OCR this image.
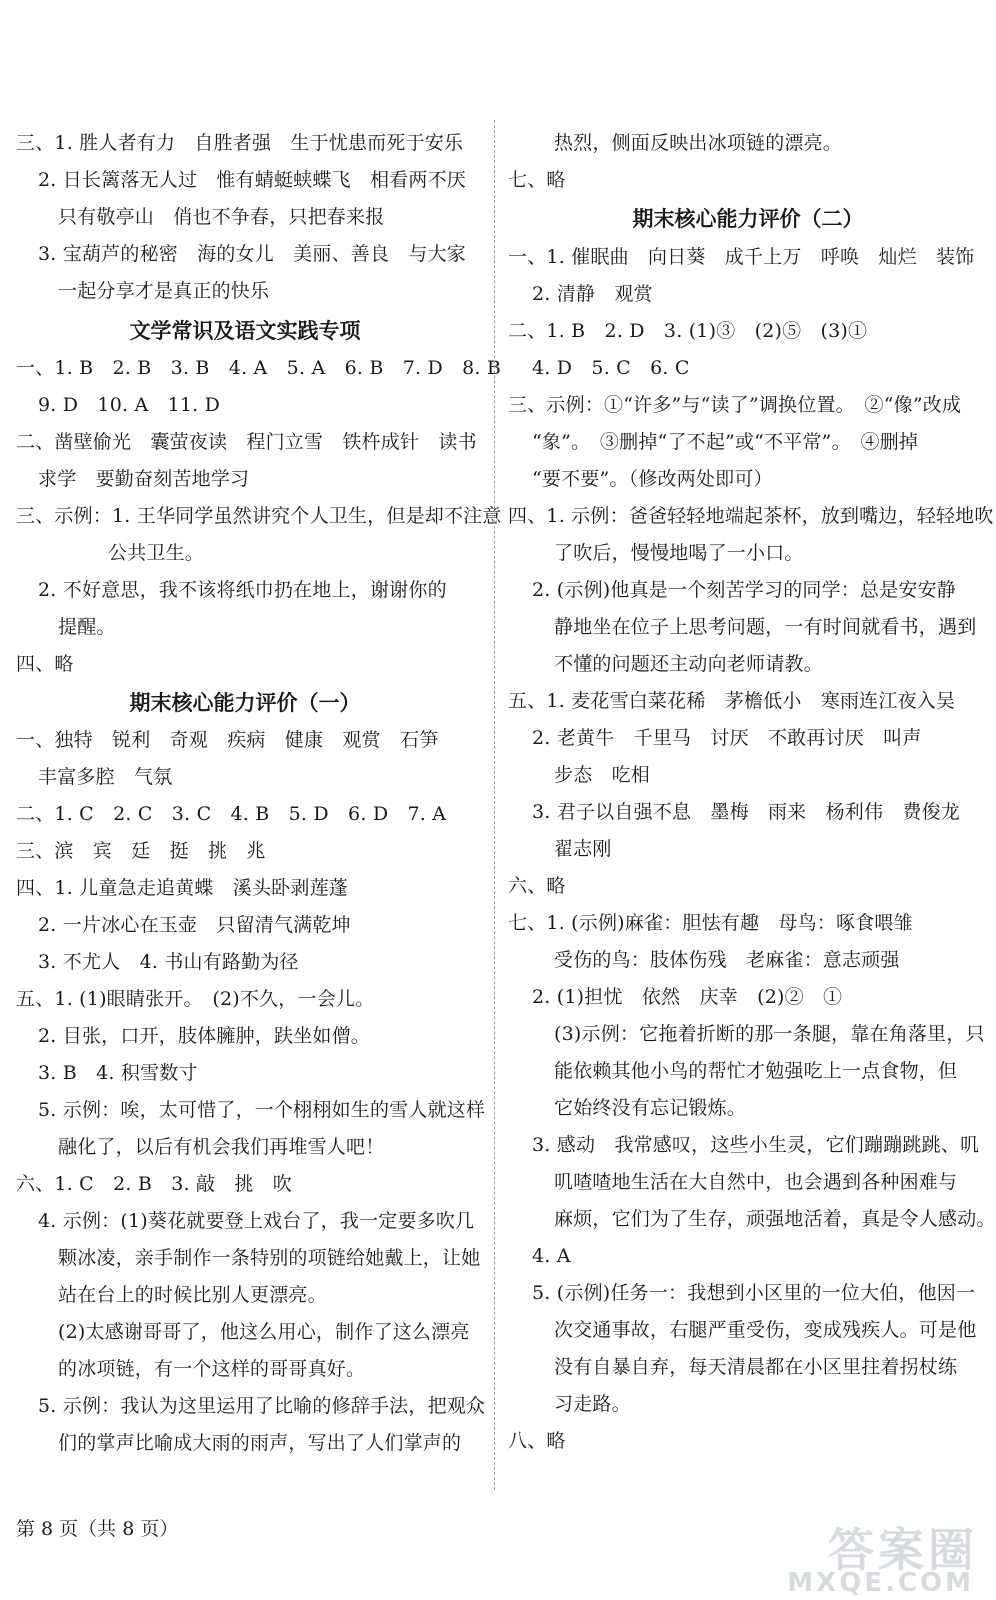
三、1. 胜人者有力　自胜者强　生于忧患而死于安乐
2. 日长篱落无人过　惟有蜻蜓蛱蝶飞　相看两不厌
只有敬亭山　俏也不争春，只把春来报
3. 宝葫芦的秘密　海的女儿　美丽、善良　与大家
一起分享才是真正的快乐
文学常识及语文实践专项
一、1. B　2. B　3. B　4. A　5. A　6. B　7. D　8. B
9. D　10. A　11. D
二、凿壁偷光　囊萤夜读　程门立雪　铁杵成针　读书
求学　要勤奋刻苦地学习
三、示例：1. 王华同学虽然讲究个人卫生，但是却不注意
公共卫生。
2. 不好意思，我不该将纸巾扔在地上，谢谢你的
提醒。
四、略
期末核心能力评价（一）
一、独特　锐利　奇观　疾病　健康　观赏　石笋
丰富多腔　气氛
二、1. C　2. C　3. C　4. B　5. D　6. D　7. A
三、滨　宾　廷　挺　挑　兆
四、1. 儿童急走追黄蝶　溪头卧剥莲蓬
2. 一片冰心在玉壶　只留清气满乾坤
3. 不尤人　4. 书山有路勤为径
五、1. (1)眼睛张开。　(2)不久，一会儿。
2. 目张，口开，肢体臃肿，趺坐如僧。
3. B　4. 积雪数寸
5. 示例：唉，太可惜了，一个栩栩如生的雪人就这样
融化了，以后有机会我们再堆雪人吧！
六、1. C　2. B　3. 敲　挑　吹
4. 示例：(1)葵花就要登上戏台了，我一定要多吹几
颗冰凌，亲手制作一条特别的项链给她戴上，让她
站在台上的时候比别人更漂亮。
(2)太感谢哥哥了，他这么用心，制作了这么漂亮
的冰项链，有一个这样的哥哥真好。
5. 示例：我认为这里运用了比喻的修辞手法，把观众
们的掌声比喻成大雨的雨声，写出了人们掌声的
热烈，侧面反映出冰项链的漂亮。
七、略
期末核心能力评价（二）
一、1. 催眠曲　向日葵　成千上万　呼唤　灿烂　装饰
2. 清静　观赏
二、1. B　2. D　3. (1)③　(2)⑤　(3)①
4. D　5. C　6. C
三、示例：①“许多”与“读了”调换位置。　②“像”改成
“象”。　③删掉“了不起”或“不平常”。　④删掉
“要不要”。（修改两处即可）
四、1. 示例：爸爸轻轻地端起茶杯，放到嘴边，轻轻地吹
了吹后，慢慢地喝了一小口。
2. (示例)他真是一个刻苦学习的同学：总是安安静
静地坐在位子上思考问题，一有时间就看书，遇到
不懂的问题还主动向老师请教。
五、1. 麦花雪白菜花稀　茅檐低小　寒雨连江夜入吴
2. 老黄牛　千里马　讨厌　不敢再讨厌　叫声
步态　吃相
3. 君子以自强不息　墨梅　雨来　杨利伟　费俊龙
翟志刚
六、略
七、1. (示例)麻雀：胆怯有趣　母鸟：啄食喂雏
受伤的鸟：肢体伤残　老麻雀：意志顽强
2. (1)担忧　依然　庆幸　(2)②　①
(3)示例：它拖着折断的那一条腿，靠在角落里，只
能依赖其他小鸟的帮忙才勉强吃上一点食物，但
它始终没有忘记锻炼。
3. 感动　我常感叹，这些小生灵，它们蹦蹦跳跳、叽
叽喳喳地生活在大自然中，也会遇到各种困难与
麻烦，它们为了生存，顽强地活着，真是令人感动。
4. A
5. (示例)任务一：我想到小区里的一位大伯，他因一
次交通事故，右腿严重受伤，变成残疾人。可是他
没有自暴自弃，每天清晨都在小区里拄着拐杖练
习走路。
八、略
第 8 页（共 8 页）	答案圈
MXQE.COM
